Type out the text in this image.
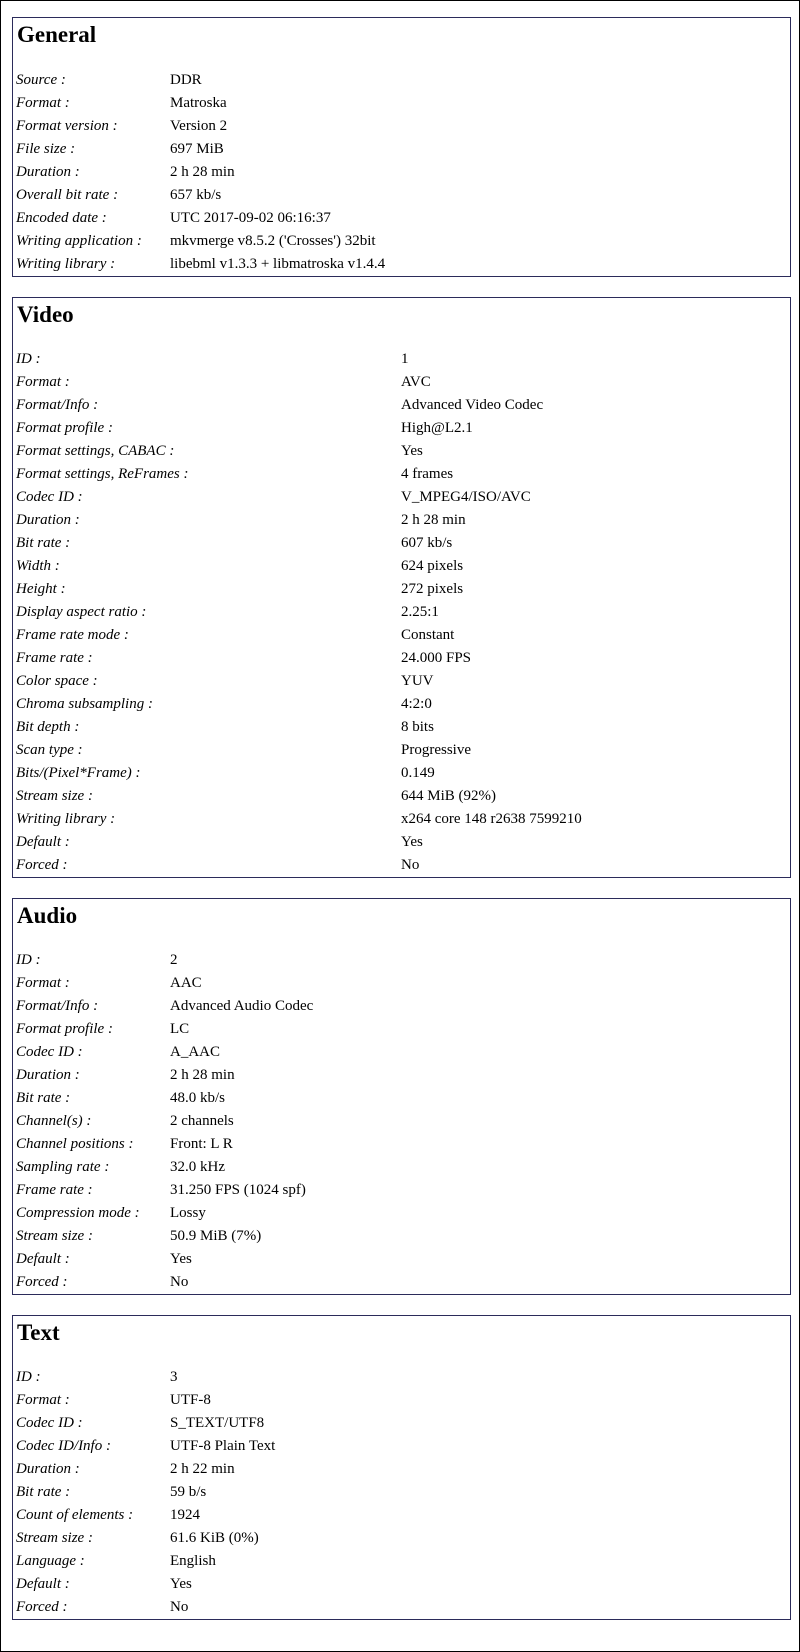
General
Source :	DDR
Format :	Matroska
Format version :	Version 2
File size :	697 MiB
Duration :	2 h 28 min
Overall bit rate :	657 kb/s
Encoded date :	UTC 2017-09-02 06:16:37
Writing application : mkvmerge v8.5.2 ('Crosses') 32bit
Writing library :	libebml v1.3.3 + libmatroska v1.4.4
Video
ID :	1
Format :	AVC
Format/Info :	Advanced Video Codec
Format profile :	High@L2.1
Format settings, CABAC :	Yes
Format settings, ReFrames :	4 frames
Codec ID :	V_MPEG4/ISO/AVC
Duration :	2 h 28 min
Bit rate :	607 kb/s
Width :	624 pixels
Height :	272 pixels
Display aspect ratio :	2.25:1
Frame rate mode :	Constant
Frame rate :	24.000 FPS
Color space :	YUV
Chroma subsampling :	4:2:0
Bit depth :	8 bits
Scan type :	Progressive
Bits/(Pixel*Frame) :	0.149
Stream size :	644 MiB (92%)
Writing library :	x264 core 148 r2638 7599210
Default :	Yes
Forced :	No
Audio
ID :	2
Format :	AAC
Format/Info :	Advanced Audio Codec
Format profile :	LC
Codec ID :	A_AAC
Duration :	2 h 28 min
Bit rate :	48.0 kb/s
Channel(s) :	2 channels
Channel positions : Front: L R
Sampling rate :	32.0 kHz
Frame rate :	31.250 FPS (1024 spf)
Compression mode : Lossy
Stream size :	50.9 MiB (7%)
Default :	Yes
Forced :	No
Text
ID :	3
Format :	UTF-8
Codec ID :	S_TEXT/UTF8
Codec ID/Info :	UTF-8 Plain Text
Duration :	2 h 22 min
Bit rate :	59 b/s
Count of elements : 1924
Stream size :	61.6 KiB (0%)
Language :	English
Default :	Yes
Forced :	No
